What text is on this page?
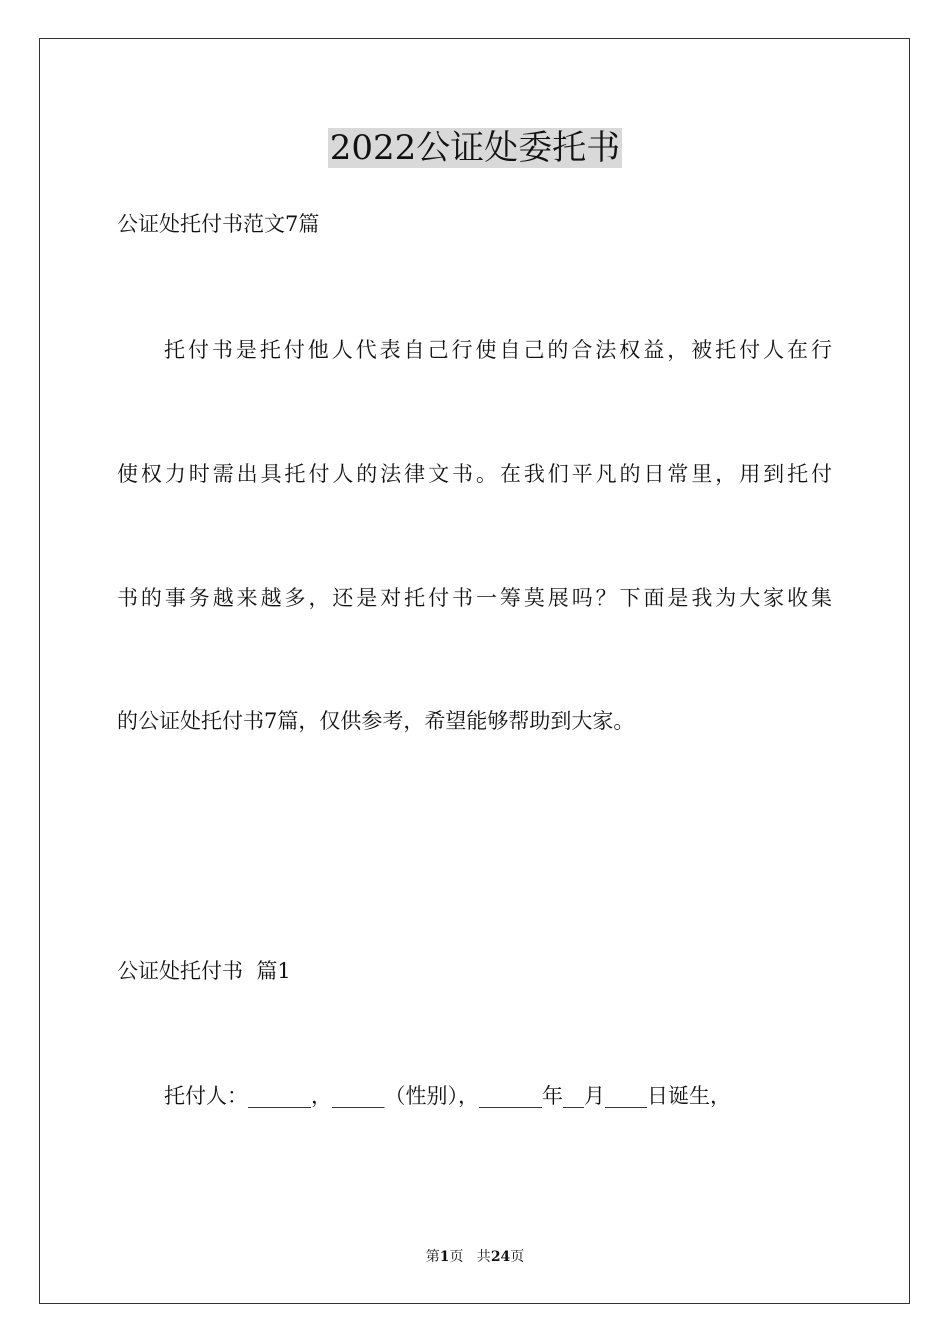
2022公证处委托书
公证处托付书范文7篇
托付书是托付他人代表自己行使自己的合法权益，被托付人在行
使权力时需出具托付人的法律文书。在我们平凡的日常里，用到托付
书的事务越来越多，还是对托付书一筹莫展吗？下面是我为大家收集
的公证处托付书7篇，仅供参考，希望能够帮助到大家。
公证处托付书  篇1
托付人：______，_____（性别），______年__月____日诞生，
第1页   共24页
